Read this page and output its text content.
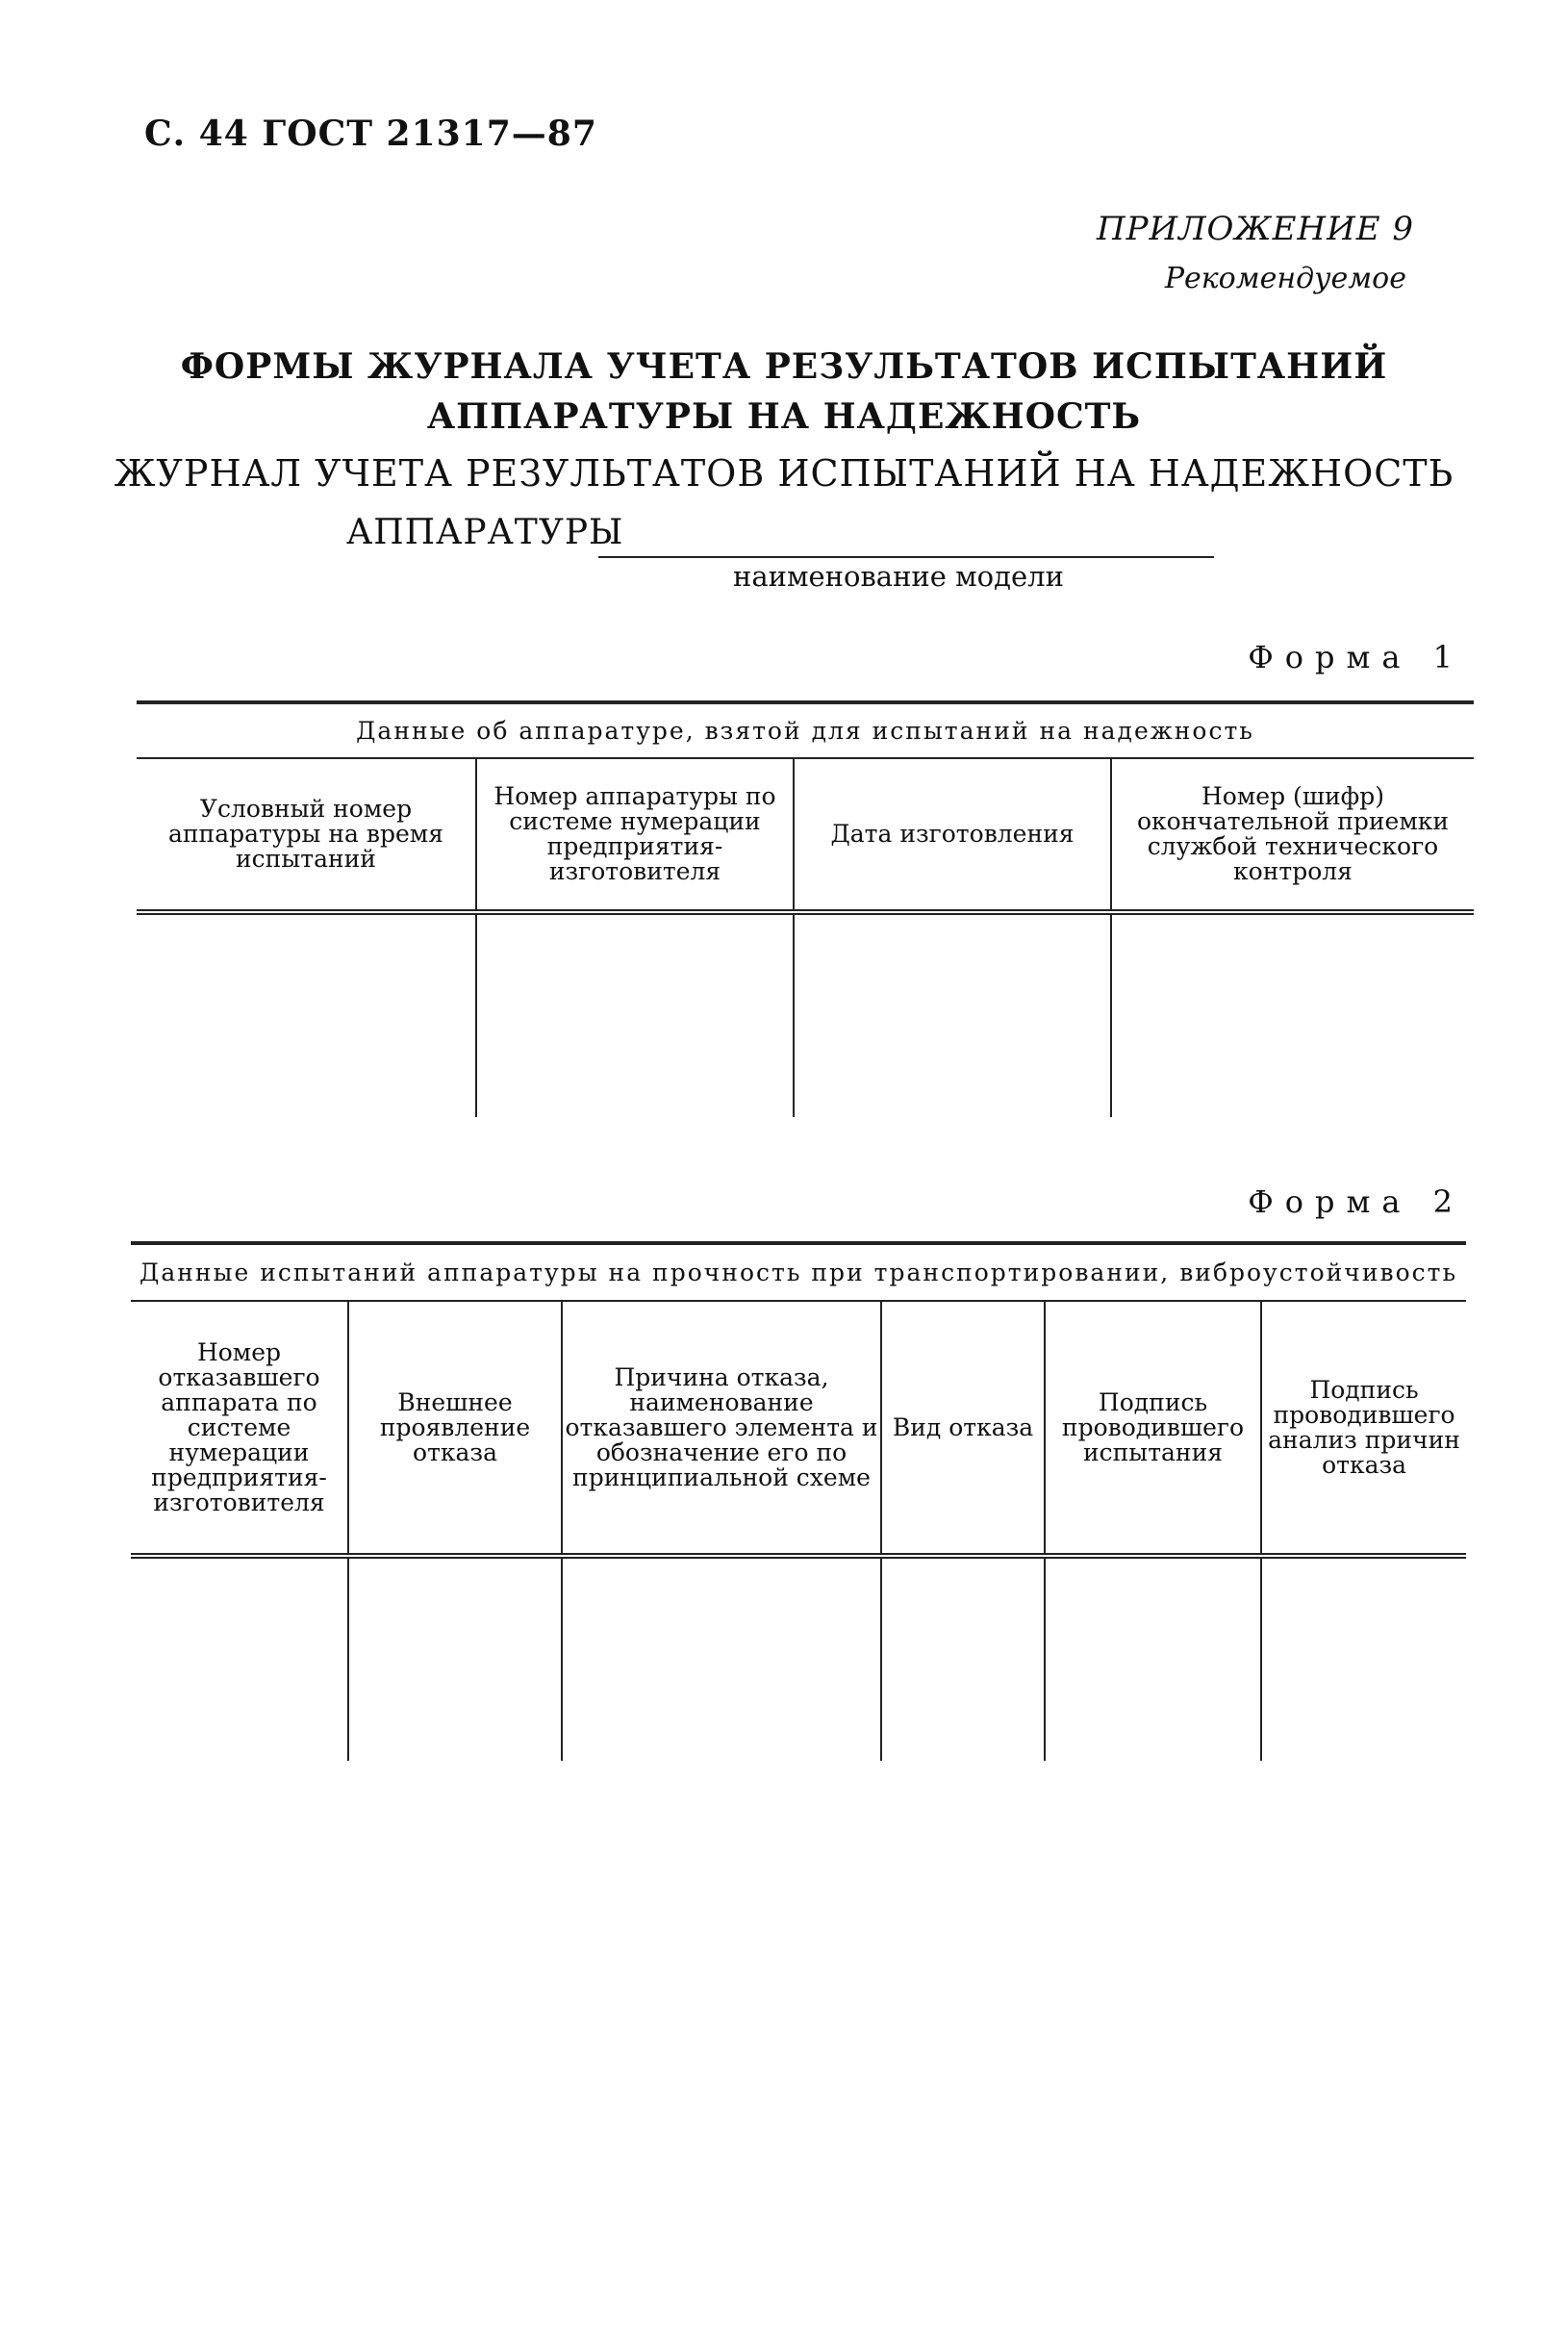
С. 44 ГОСТ 21317—87
ПРИЛОЖЕНИЕ 9
Рекомендуемое
ФОРМЫ ЖУРНАЛА УЧЕТА РЕЗУЛЬТАТОВ ИСПЫТАНИЙ
АППАРАТУРЫ НА НАДЕЖНОСТЬ
ЖУРНАЛ УЧЕТА РЕЗУЛЬТАТОВ ИСПЫТАНИЙ НА НАДЕЖНОСТЬ
АППАРАТУРЫ
наименование модели
Форма 1
Данные об аппаратуре, взятой для испытаний на надежность			
Условный номер аппаратуры на время испытаний	Номер аппаратуры по системе нумерации предприятия-изготовителя	Дата изготовления	Номер (шифр) окончательной приемки службой технического контроля

Форма 2
Данные испытаний аппаратуры на прочность при транспортировании, виброустойчивость					
Номер отказавшего аппарата по системе нумерации предприятия-изготовителя	Внешнее проявление отказа	Причина отказа, наименование отказавшего элемента и обозначение его по принципиальной схеме	Вид отказа	Подпись проводившего испытания	Подпись проводившего анализ причин отказа
